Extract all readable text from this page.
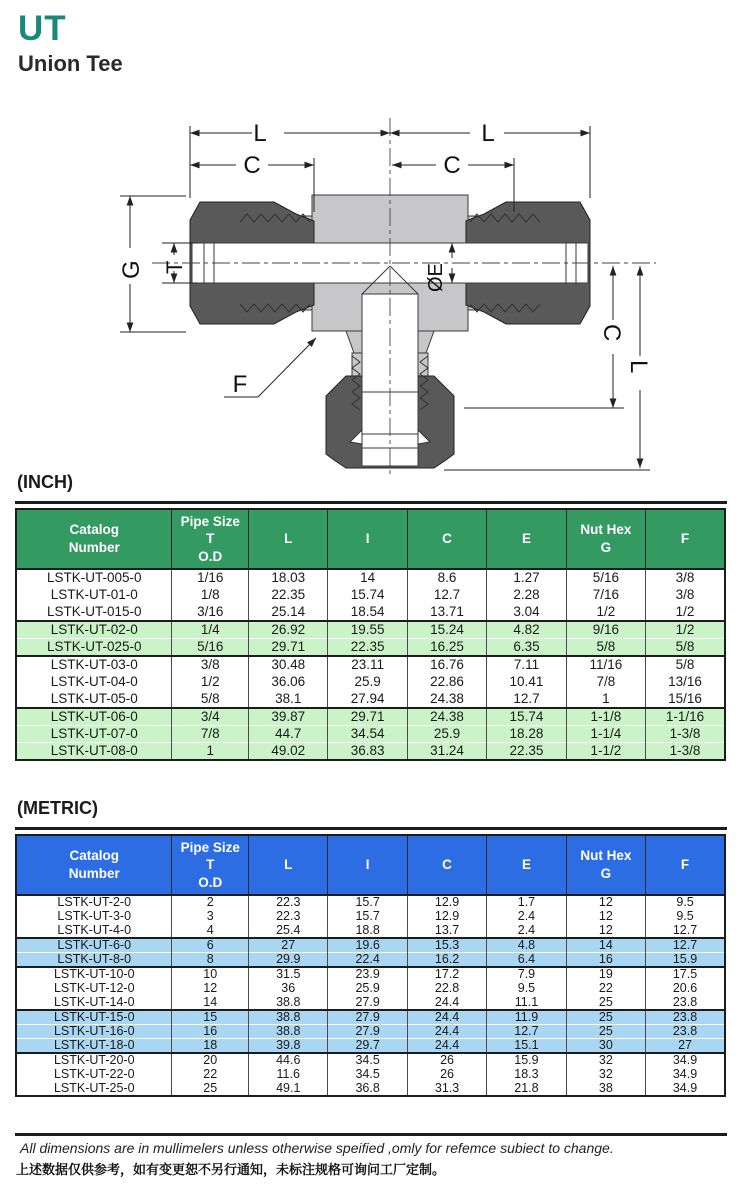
UT
Union Tee
L	L
C	C
G T	ØE
F
C
L
(INCH)
Catalog
Number

Pipe Size
T
O.D

L	I	C	E

Nut Hex
G

F

LSTK-UT-005-0	1/16	18.03	14	8.6	1.27	5/16	3/8
LSTK-UT-01-0	1/8	22.35	15.74	12.7	2.28	7/16	3/8
LSTK-UT-015-0	3/16	25.14	18.54	13.71	3.04	1/2	1/2
LSTK-UT-02-0	1/4	26.92	19.55	15.24	4.82	9/16	1/2
LSTK-UT-025-0	5/16	29.71	22.35	16.25	6.35	5/8	5/8
LSTK-UT-03-0	3/8	30.48	23.11	16.76	7.11	11/16	5/8
LSTK-UT-04-0	1/2	36.06	25.9	22.86	10.41	7/8	13/16
LSTK-UT-05-0	5/8	38.1	27.94	24.38	12.7	1	15/16
LSTK-UT-06-0	3/4	39.87	29.71	24.38	15.74	1-1/8	1-1/16
LSTK-UT-07-0	7/8	44.7	34.54	25.9	18.28	1-1/4	1-3/8
LSTK-UT-08-0	1	49.02	36.83	31.24	22.35	1-1/2	1-3/8
(METRIC)
Catalog
Number

Pipe Size
T
O.D

L	I	C	E

Nut Hex
G

F

LSTK-UT-2-0	2	22.3	15.7	12.9	1.7	12	9.5
LSTK-UT-3-0	3	22.3	15.7	12.9	2.4	12	9.5
LSTK-UT-4-0	4	25.4	18.8	13.7	2.4	12	12.7
LSTK-UT-6-0	6	27	19.6	15.3	4.8	14	12.7
LSTK-UT-8-0	8	29.9	22.4	16.2	6.4	16	15.9
LSTK-UT-10-0	10	31.5	23.9	17.2	7.9	19	17.5
LSTK-UT-12-0	12	36	25.9	22.8	9.5	22	20.6
LSTK-UT-14-0	14	38.8	27.9	24.4	11.1	25	23.8
LSTK-UT-15-0	15	38.8	27.9	24.4	11.9	25	23.8
LSTK-UT-16-0	16	38.8	27.9	24.4	12.7	25	23.8
LSTK-UT-18-0	18	39.8	29.7	24.4	15.1	30	27
LSTK-UT-20-0	20	44.6	34.5	26	15.9	32	34.9
LSTK-UT-22-0	22	11.6	34.5	26	18.3	32	34.9
LSTK-UT-25-0	25	49.1	36.8	31.3	21.8	38	34.9
All dimensions are in mullimelers unless otherwise speified ,omly for refemce subiect to change.
上述数据仅供参考，如有变更恕不另行通知，未标注规格可询问工厂定制。
